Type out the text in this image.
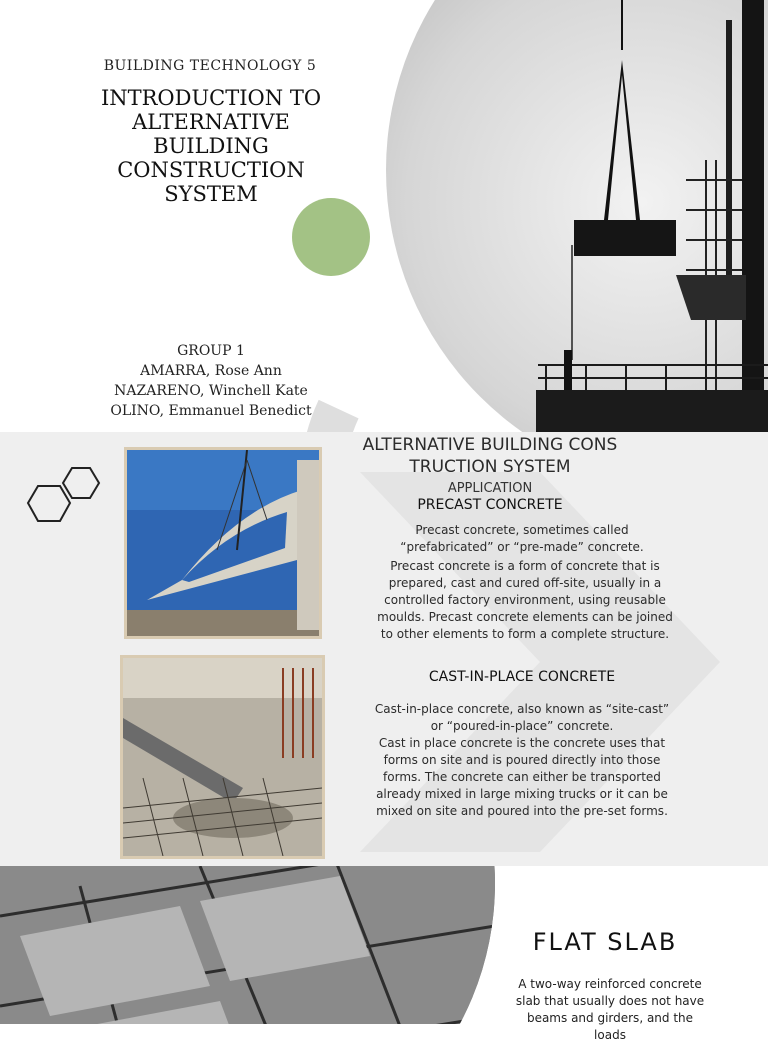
BUILDING TECHNOLOGY 5
INTRODUCTION TO
ALTERNATIVE
BUILDING
CONSTRUCTION
SYSTEM
GROUP 1
AMARRA, Rose Ann
NAZARENO, Winchell Kate
OLINO, Emmanuel Benedict
ALTERNATIVE BUILDING CONS
TRUCTION SYSTEM
APPLICATION
PRECAST CONCRETE
Precast concrete, sometimes called “prefabricated” or “pre-made” concrete.
Precast concrete is a form of concrete that is prepared, cast and cured off-site, usually in a controlled factory environment, using reusable moulds. Precast concrete elements can be joined to other elements to form a complete structure.
CAST-IN-PLACE CONCRETE
Cast-in-place concrete, also known as “site-cast” or “poured-in-place” concrete.
Cast in place concrete is the concrete uses that forms on site and is poured directly into those forms. The concrete can either be transported already mixed in large mixing trucks or it can be mixed on site and poured into the pre-set forms.
FLAT SLAB
A two-way reinforced concrete slab that usually does not have beams and girders, and the loads
